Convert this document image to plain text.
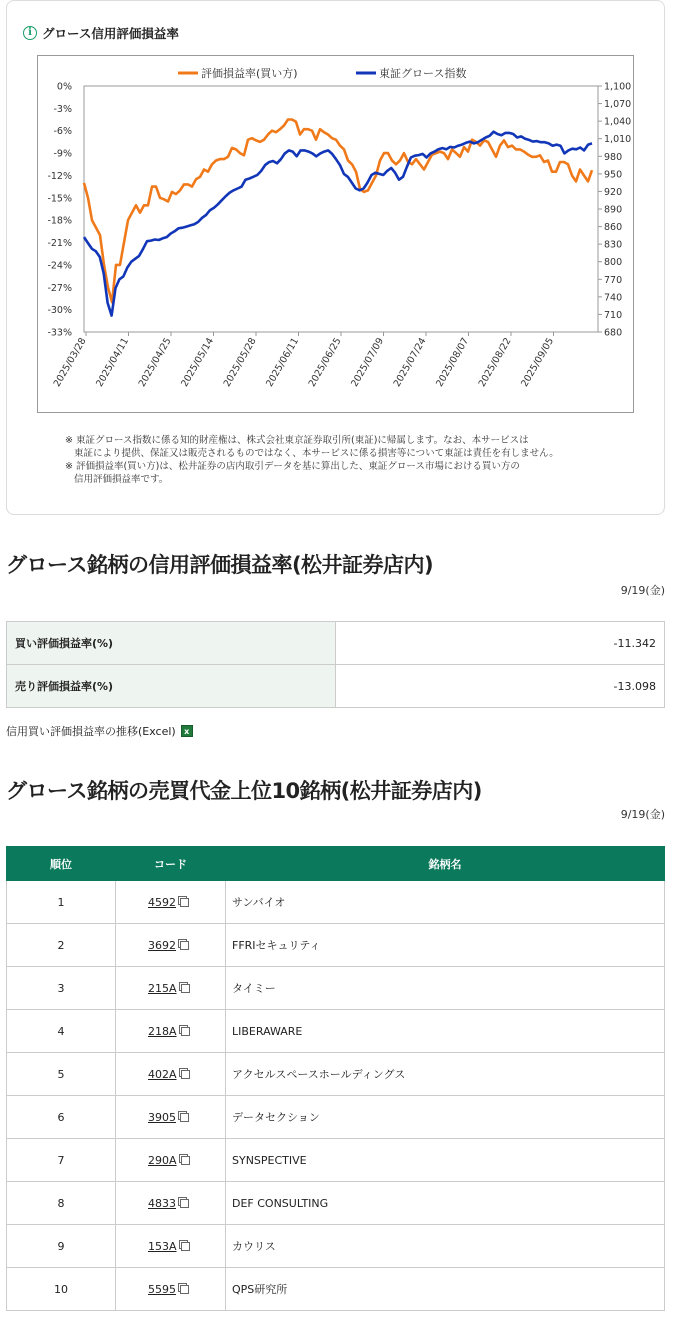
i グロース信用評価損益率
0%
-3%
-6%
-9%
-12%
-15%
-18%
-21%
-24%
-27%
-30%
-33%
1,100
1,070
1,040
1,010
980
950
920
890
860
830
800
770
740
710
680
2025/03/28 2025/04/11 2025/04/25 2025/05/14 2025/05/28 2025/06/11 2025/06/25 2025/07/09 2025/07/24 2025/08/07 2025/08/22 2025/09/05
評価損益率(買い方)	東証グロース指数

※ 東証グロース指数に係る知的財産権は、株式会社東京証券取引所(東証)に帰属します。なお、本サービスは

東証により提供、保証又は販売されるものではなく、本サービスに係る損害等について東証は責任を有しません。

※ 評価損益率(買い方)は、松井証券の店内取引データを基に算出した、東証グロース市場における買い方の

信用評価損益率です。

グロース銘柄の信用評価損益率(松井証券店内)
9/19(金)
買い評価損益率(%)	-11.342
売り評価損益率(%)	-13.098
信用買い評価損益率の推移(Excel)	x
グロース銘柄の売買代金上位10銘柄(松井証券店内)
9/19(金)
順位	コード	銘柄名
1	4592	サンバイオ
2	3692	FFRIセキュリティ
3	215A	タイミー
4	218A	LIBERAWARE
5	402A	アクセルスペースホールディングス
6	3905	データセクション
7	290A	SYNSPECTIVE
8	4833	DEF CONSULTING
9	153A	カウリス
10	5595	QPS研究所
